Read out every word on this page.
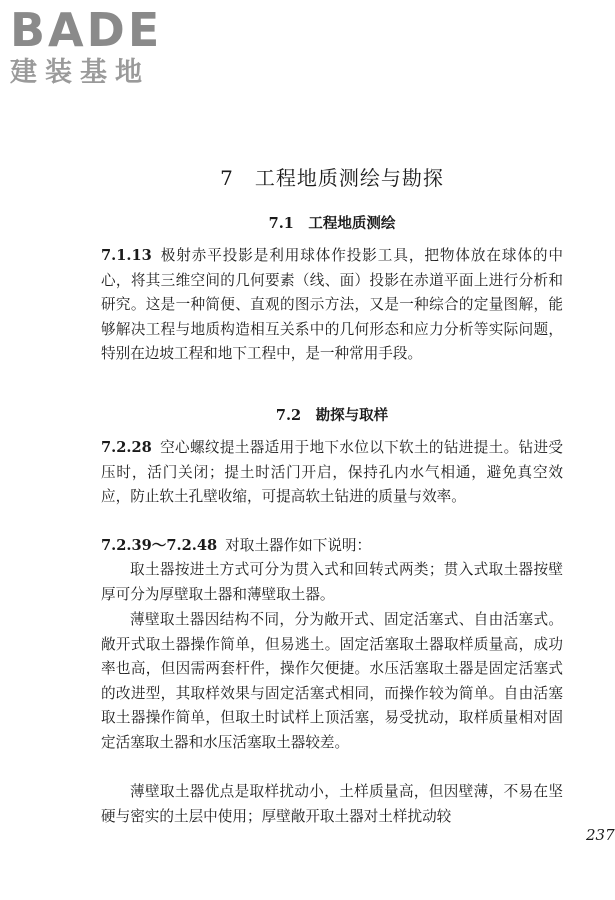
BADE
建装基地
7　工程地质测绘与勘探
7.1　工程地质测绘

7.1.13 极射赤平投影是利用球体作投影工具，把物体放在球体的中心，将其三维空间的几何要素（线、面）投影在赤道平面上进行分析和研究。这是一种简便、直观的图示方法，又是一种综合的定量图解，能够解决工程与地质构造相互关系中的几何形态和应力分析等实际问题，特别在边坡工程和地下工程中，是一种常用手段。

7.2　勘探与取样

7.2.28 空心螺纹提土器适用于地下水位以下软土的钻进提土。钻进受压时，活门关闭；提土时活门开启，保持孔内水气相通，避免真空效应，防止软土孔壁收缩，可提高软土钻进的质量与效率。

7.2.39～7.2.48 对取土器作如下说明：

取土器按进土方式可分为贯入式和回转式两类；贯入式取土器按壁厚可分为厚壁取土器和薄壁取土器。

薄壁取土器因结构不同，分为敞开式、固定活塞式、自由活塞式。敞开式取土器操作简单，但易逃土。固定活塞取土器取样质量高，成功率也高，但因需两套杆件，操作欠便捷。水压活塞取土器是固定活塞式的改进型，其取样效果与固定活塞式相同，而操作较为简单。自由活塞取土器操作简单，但取土时试样上顶活塞，易受扰动，取样质量相对固定活塞取土器和水压活塞取土器较差。

薄壁取土器优点是取样扰动小，土样质量高，但因壁薄，不易在坚硬与密实的土层中使用；厚壁敞开取土器对土样扰动较

237
